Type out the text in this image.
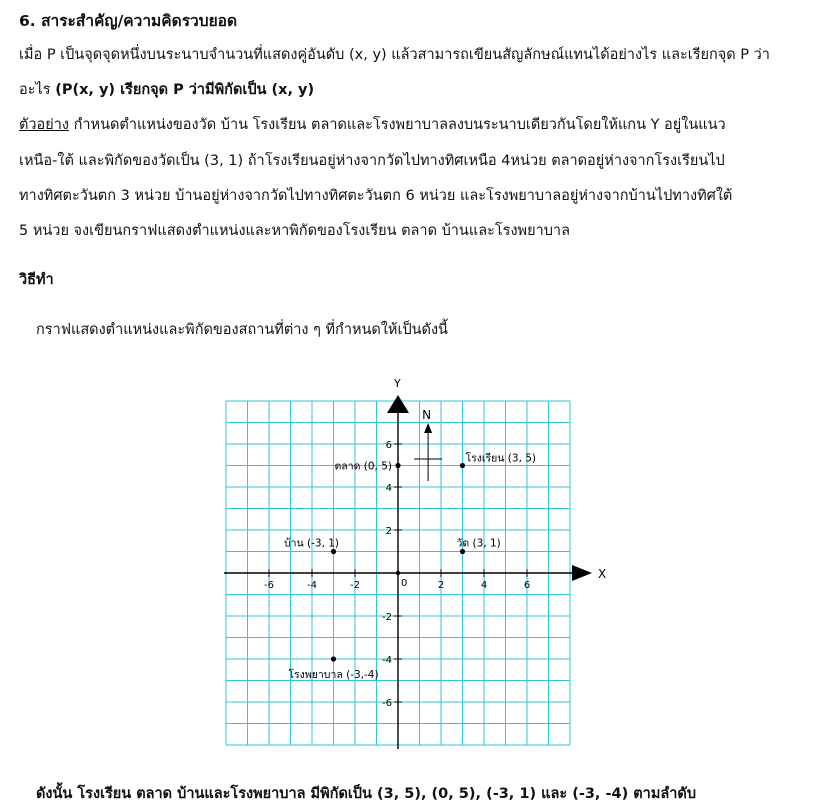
6. สาระสำคัญ/ความคิดรวบยอด
เมื่อ P เป็นจุดจุดหนึ่งบนระนาบจำนวนที่แสดงคู่อันดับ (x, y) แล้วสามารถเขียนสัญลักษณ์แทนได้อย่างไร และเรียกจุด P ว่า
อะไร (P(x, y) เรียกจุด P ว่ามีพิกัดเป็น (x, y)
ตัวอย่าง กำหนดตำแหน่งของวัด บ้าน โรงเรียน ตลาดและโรงพยาบาลลงบนระนาบเดียวกันโดยให้แกน Y อยู่ในแนว
เหนือ-ใต้ และพิกัดของวัดเป็น (3, 1) ถ้าโรงเรียนอยู่ห่างจากวัดไปทางทิศเหนือ 4หน่วย ตลาดอยู่ห่างจากโรงเรียนไป
ทางทิศตะวันตก 3 หน่วย บ้านอยู่ห่างจากวัดไปทางทิศตะวันตก 6 หน่วย และโรงพยาบาลอยู่ห่างจากบ้านไปทางทิศใต้
5 หน่วย จงเขียนกราฟแสดงตำแหน่งและหาพิกัดของโรงเรียน ตลาด บ้านและโรงพยาบาล
วิธีทำ
กราฟแสดงตำแหน่งและพิกัดของสถานที่ต่าง ๆ ที่กำหนดให้เป็นดังนี้
X
Y
0
-6	-4	-2	2	4	6
6
4
2
-2
-4
-6
N
โรงเรียน (3, 5)
ตลาด (0, 5)
บ้าน (-3, 1)	วัด (3, 1)
โรงพยาบาล (-3,-4)
ดังนั้น โรงเรียน ตลาด บ้านและโรงพยาบาล มีพิกัดเป็น (3, 5), (0, 5), (-3, 1) และ (-3, -4) ตามลำดับ
